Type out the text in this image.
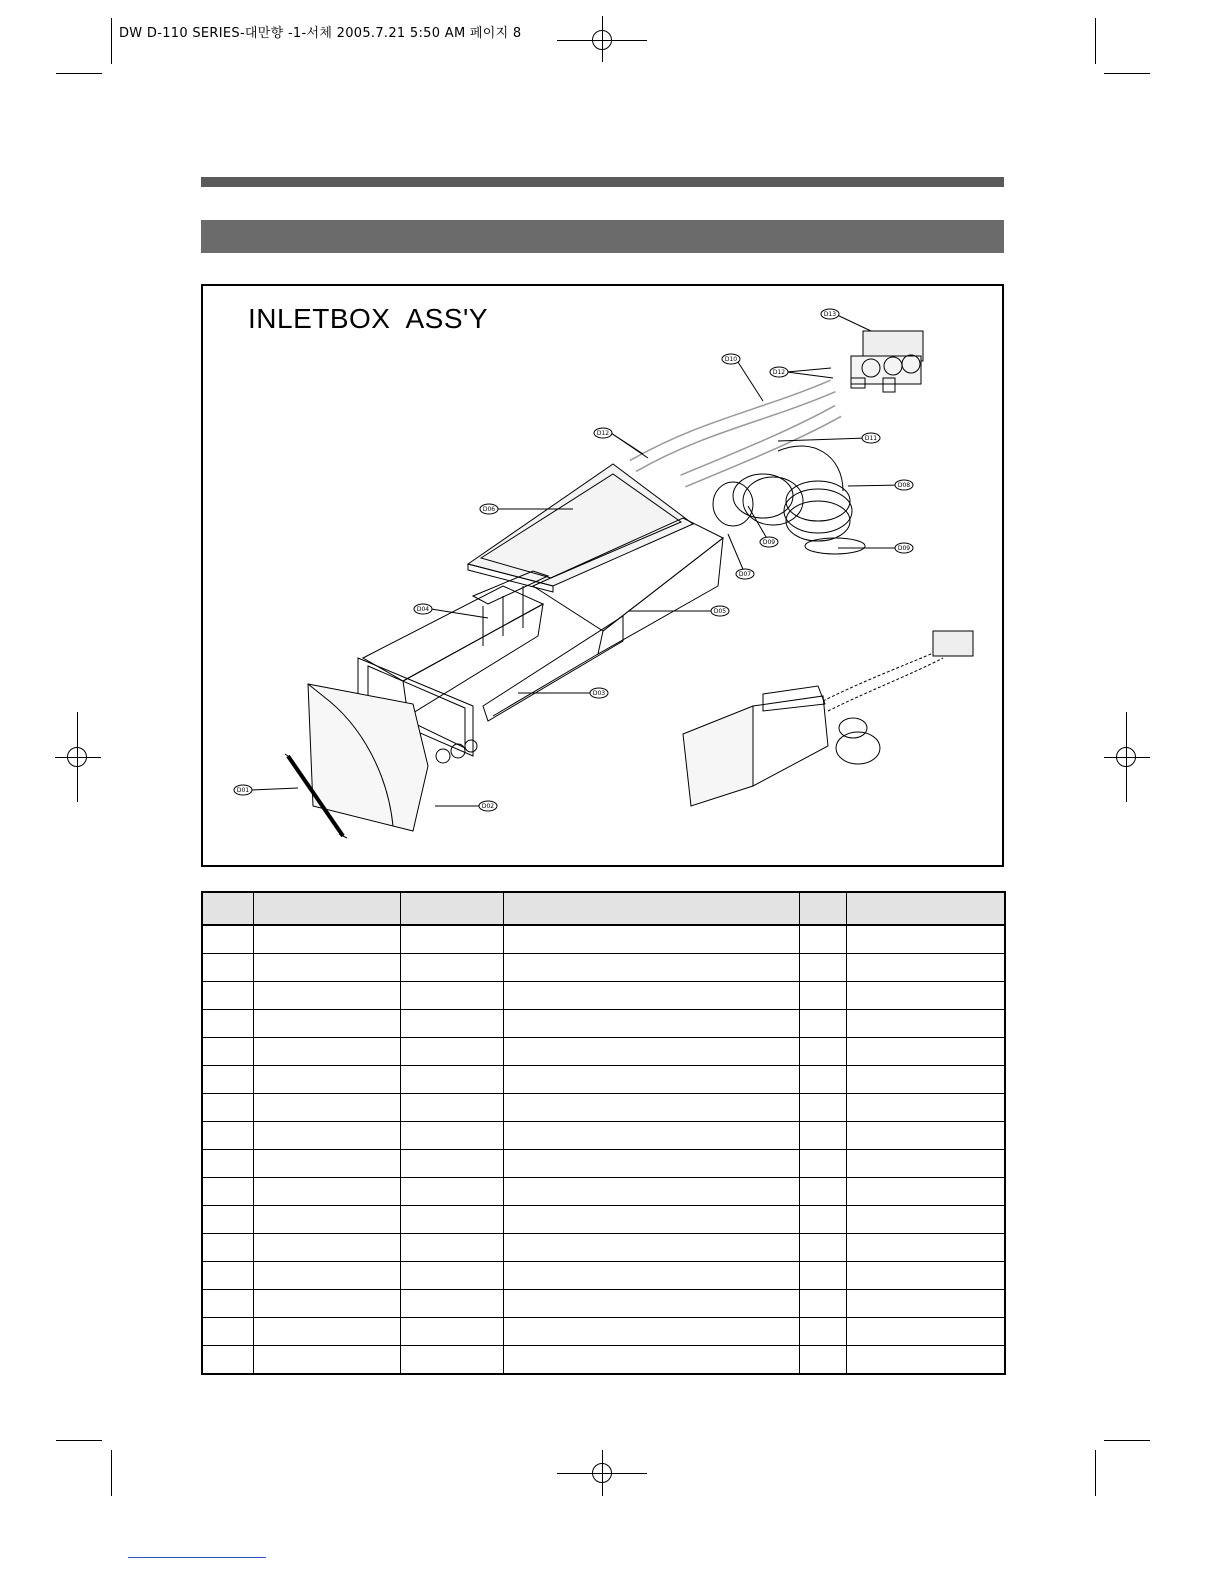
DW D-110 SERIES-대만향 -1-서체 2005.7.21 5:50 AM 페이지 8
INLETBOX  ASS'Y	D13
D10
D12
D12
D11
D08
D06
D09
D09
D07
D04	D05
D03
D01
D02
